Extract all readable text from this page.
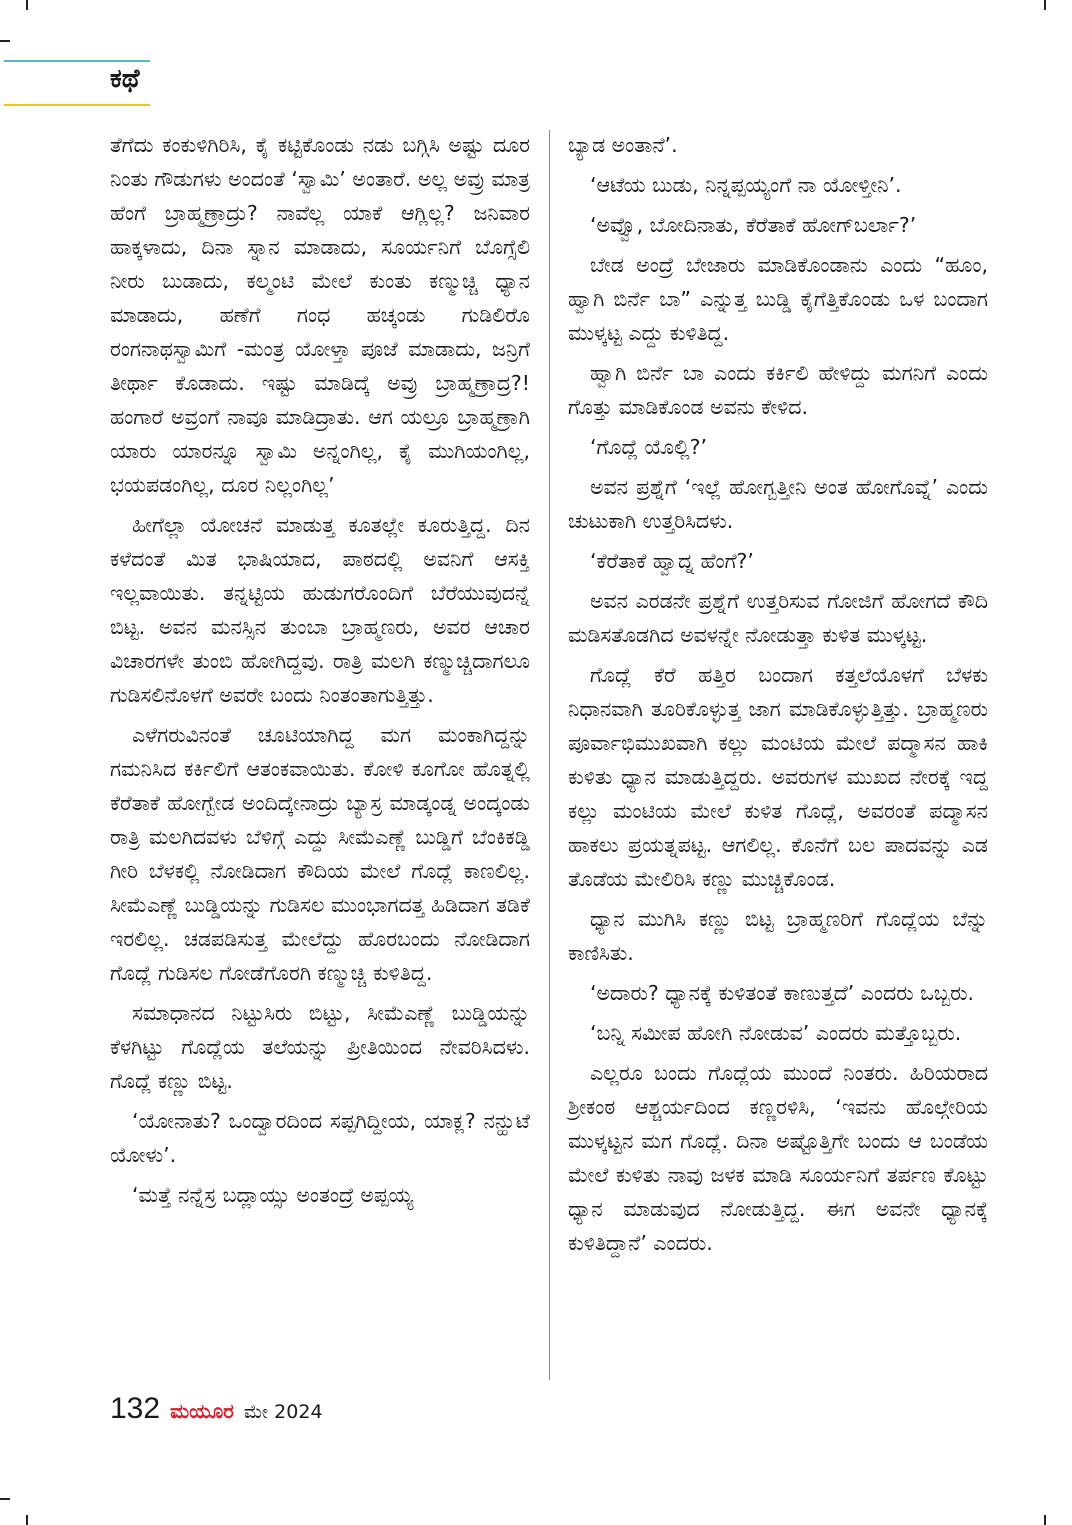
ಕಥೆ

ತೆಗೆದು ಕಂಕುಳಿಗಿರಿಸಿ, ಕೈ ಕಟ್ಟಿಕೊಂಡು ನಡು ಬಗ್ಗಿಸಿ ಅಷ್ಟು ದೂರ ನಿಂತು ಗೌಡುಗಳು ಅಂದಂತೆ ‘ಸ್ವಾಮಿ’ ಅಂತಾರೆ. ಅಲ್ಲ ಅವ್ರು ಮಾತ್ರ ಹೆಂಗೆ ಬ್ರಾಹ್ಮಣ್ರಾದ್ರು? ನಾವೆಲ್ಲ ಯಾಕೆ ಆಗ್ಲಿಲ್ಲ? ಜನಿವಾರ ಹಾಕ್ಕಳಾದು, ದಿನಾ ಸ್ನಾನ ಮಾಡಾದು, ಸೂರ್ಯನಿಗೆ ಬೊಗ್ಸೆಲಿ ನೀರು ಬುಡಾದು, ಕಲ್ಮಂಟಿ ಮೇಲೆ ಕುಂತು ಕಣ್ಮುಚ್ಚಿ ಧ್ಯಾನ ಮಾಡಾದು, ಹಣೆಗೆ ಗಂಧ ಹಚ್ಕಂಡು ಗುಡಿಲಿರೊ ರಂಗನಾಥಸ್ವಾಮಿಗೆ -ಮಂತ್ರ ಯೋಳ್ತಾ ಪೂಜೆ ಮಾಡಾದು, ಜನ್ರಿಗೆ ತೀರ್ಥಾ ಕೊಡಾದು. ಇಷ್ಟು ಮಾಡಿದ್ಕೆ ಅವ್ರು ಬ್ರಾಹ್ಮಣ್ರಾದ್ರ?! ಹಂಗಾರೆ ಅವ್ರಂಗೆ ನಾವೂ ಮಾಡಿದ್ರಾತು. ಆಗ ಯಲ್ರೂ ಬ್ರಾಹ್ಮಣ್ರಾಗಿ ಯಾರು ಯಾರನ್ನೂ ಸ್ವಾಮಿ ಅನ್ನಂಗಿಲ್ಲ, ಕೈ ಮುಗಿಯಂಗಿಲ್ಲ, ಭಯಪಡಂಗಿಲ್ಲ, ದೂರ ನಿಲ್ಲಂಗಿಲ್ಲ’

ಹೀಗೆಲ್ಲಾ ಯೋಚನೆ ಮಾಡುತ್ತ ಕೂತಲ್ಲೇ ಕೂರುತ್ತಿದ್ದ. ದಿನ ಕಳೆದಂತೆ ಮಿತ ಭಾಷಿಯಾದ, ಪಾಠದಲ್ಲಿ ಅವನಿಗೆ ಆಸಕ್ತಿ ಇಲ್ಲವಾಯಿತು. ತನ್ನಟ್ಟಿಯ ಹುಡುಗರೊಂದಿಗೆ ಬೆರೆಯುವುದನ್ನೆ ಬಿಟ್ಟ. ಅವನ ಮನಸ್ಸಿನ ತುಂಬಾ ಬ್ರಾಹ್ಮಣರು, ಅವರ ಆಚಾರ ವಿಚಾರಗಳೇ ತುಂಬಿ ಹೋಗಿದ್ದವು. ರಾತ್ರಿ ಮಲಗಿ ಕಣ್ಮುಚ್ಚಿದಾಗಲೂ ಗುಡಿಸಲಿನೊಳಗೆ ಅವರೇ ಬಂದು ನಿಂತಂತಾಗುತ್ತಿತ್ತು.

ಎಳೆಗರುವಿನಂತೆ ಚೂಟಿಯಾಗಿದ್ದ ಮಗ ಮಂಕಾಗಿದ್ದನ್ನು ಗಮನಿಸಿದ ಕರ್ಕಿಲಿಗೆ ಆತಂಕವಾಯಿತು. ಕೋಳಿ ಕೂಗೋ ಹೊತ್ನಲ್ಲಿ ಕೆರೆತಾಕೆ ಹೋಗ್ಬೇಡ ಅಂದಿದ್ಕೇನಾದ್ರು ಬ್ಯಾಸ್ರ ಮಾಡ್ಕಂಡ್ನ ಅಂದ್ಕಂಡು ರಾತ್ರಿ ಮಲಗಿದವಳು ಬೆಳಿಗ್ಗೆ ಎದ್ದು ಸೀಮೆಎಣ್ಣೆ ಬುಡ್ಡಿಗೆ ಬೆಂಕಿಕಡ್ಡಿ ಗೀರಿ ಬೆಳಕಲ್ಲಿ ನೋಡಿದಾಗ ಕೌದಿಯ ಮೇಲೆ ಗೊದ್ಲೆ ಕಾಣಲಿಲ್ಲ. ಸೀಮೆಎಣ್ಣೆ ಬುಡ್ಡಿಯನ್ನು ಗುಡಿಸಲ ಮುಂಭಾಗದತ್ತ ಹಿಡಿದಾಗ ತಡಿಕೆ ಇರಲಿಲ್ಲ. ಚಡಪಡಿಸುತ್ತ ಮೇಲೆದ್ದು ಹೊರಬಂದು ನೋಡಿದಾಗ ಗೊದ್ಲೆ ಗುಡಿಸಲ ಗೋಡೆಗೊರಗಿ ಕಣ್ಮುಚ್ಚಿ ಕುಳಿತಿದ್ದ.

ಸಮಾಧಾನದ ನಿಟ್ಟುಸಿರು ಬಿಟ್ಟು, ಸೀಮೆಎಣ್ಣೆ ಬುಡ್ಡಿಯನ್ನು ಕೆಳಗಿಟ್ಟು ಗೊದ್ಲೆಯ ತಲೆಯನ್ನು ಪ್ರೀತಿಯಿಂದ ನೇವರಿಸಿದಳು. ಗೊದ್ಲೆ ಕಣ್ಣು ಬಿಟ್ಟ.

‘ಯೋನಾತು? ಒಂದ್ವಾರದಿಂದ ಸಪ್ಪಗಿದ್ದೀಯ, ಯಾಕ್ಲ? ನನ್ಹುಟೆ ಯೋಳು’.

‘ಮತ್ತೆ ನನ್ನೆಸ್ರ ಬದ್ಲಾಯ್ಸು ಅಂತಂದ್ರೆ ಅಪ್ಪಯ್ಯ

ಬ್ಯಾಡ ಅಂತಾನೆ’.

‘ಆಟೆಯ ಬುಡು, ನಿನ್ನಪ್ಪಯ್ಯಂಗೆ ನಾ ಯೋಳ್ತೀನಿ’.

‘ಅವ್ವೊ, ಬೋದಿನಾತು, ಕೆರೆತಾಕೆ ಹೋಗ್‌ಬರ್ಲಾ?’

ಬೇಡ ಅಂದ್ರೆ ಬೇಜಾರು ಮಾಡಿಕೊಂಡಾನು ಎಂದು “ಹೂಂ, ಹ್ವಾಗಿ ಬಿರ್ನೆ ಬಾ” ಎನ್ನುತ್ತ ಬುಡ್ಡಿ ಕೈಗೆತ್ತಿಕೊಂಡು ಒಳ ಬಂದಾಗ ಮುಳ್ಕಟ್ಟ ಎದ್ದು ಕುಳಿತಿದ್ದ.

ಹ್ವಾಗಿ ಬಿರ್ನೆ ಬಾ ಎಂದು ಕರ್ಕಿಲಿ ಹೇಳಿದ್ದು ಮಗನಿಗೆ ಎಂದು ಗೊತ್ತು ಮಾಡಿಕೊಂಡ ಅವನು ಕೇಳಿದ.

‘ಗೊದ್ಲೆ ಯೊಲ್ಲಿ?’

ಅವನ ಪ್ರಶ್ನೆಗೆ ‘ಇಲ್ಲೆ ಹೋಗ್ಬತ್ತೀನಿ ಅಂತ ಹೋಗೊವ್ನೆ’ ಎಂದು ಚುಟುಕಾಗಿ ಉತ್ತರಿಸಿದಳು.

‘ಕೆರೆತಾಕೆ ಹ್ವಾದ್ನ ಹೆಂಗೆ?’

ಅವನ ಎರಡನೇ ಪ್ರಶ್ನೆಗೆ ಉತ್ತರಿಸುವ ಗೋಜಿಗೆ ಹೋಗದೆ ಕೌದಿ ಮಡಿಸತೊಡಗಿದ ಅವಳನ್ನೇ ನೋಡುತ್ತಾ ಕುಳಿತ ಮುಳ್ಕಟ್ಟ.

ಗೊದ್ಲೆ ಕೆರೆ ಹತ್ತಿರ ಬಂದಾಗ ಕತ್ತಲೆಯೊಳಗೆ ಬೆಳಕು ನಿಧಾನವಾಗಿ ತೂರಿಕೊಳ್ಳುತ್ತ ಜಾಗ ಮಾಡಿಕೊಳ್ಳುತ್ತಿತ್ತು. ಬ್ರಾಹ್ಮಣರು ಪೂರ್ವಾಭಿಮುಖವಾಗಿ ಕಲ್ಲು ಮಂಟಿಯ ಮೇಲೆ ಪದ್ಮಾಸನ ಹಾಕಿ ಕುಳಿತು ಧ್ಯಾನ ಮಾಡುತ್ತಿದ್ದರು. ಅವರುಗಳ ಮುಖದ ನೇರಕ್ಕೆ ಇದ್ದ ಕಲ್ಲು ಮಂಟಿಯ ಮೇಲೆ ಕುಳಿತ ಗೊದ್ಲೆ, ಅವರಂತೆ ಪದ್ಮಾಸನ ಹಾಕಲು ಪ್ರಯತ್ನಪಟ್ಟ. ಆಗಲಿಲ್ಲ. ಕೊನೆಗೆ ಬಲ ಪಾದವನ್ನು ಎಡ ತೊಡೆಯ ಮೇಲಿರಿಸಿ ಕಣ್ಣು ಮುಚ್ಚಿಕೊಂಡ.

ಧ್ಯಾನ ಮುಗಿಸಿ ಕಣ್ಣು ಬಿಟ್ಟ ಬ್ರಾಹ್ಮಣರಿಗೆ ಗೊದ್ಲೆಯ ಬೆನ್ನು ಕಾಣಿಸಿತು.

‘ಅದಾರು? ಧ್ಯಾನಕ್ಕೆ ಕುಳಿತಂತೆ ಕಾಣುತ್ತದೆ’ ಎಂದರು ಒಬ್ಬರು.

‘ಬನ್ನಿ ಸಮೀಪ ಹೋಗಿ ನೋಡುವ’ ಎಂದರು ಮತ್ತೊಬ್ಬರು.

ಎಲ್ಲರೂ ಬಂದು ಗೊದ್ಲೆಯ ಮುಂದೆ ನಿಂತರು. ಹಿರಿಯರಾದ ಶ್ರೀಕಂಠ ಆಶ್ಚರ್ಯದಿಂದ ಕಣ್ಣರಳಿಸಿ, ‘ಇವನು ಹೊಲ್ಗೇರಿಯ ಮುಳ್ಕಟ್ಟನ ಮಗ ಗೊದ್ಲೆ. ದಿನಾ ಅಷ್ಟೊತ್ತಿಗೇ ಬಂದು ಆ ಬಂಡೆಯ ಮೇಲೆ ಕುಳಿತು ನಾವು ಜಳಕ ಮಾಡಿ ಸೂರ್ಯನಿಗೆ ತರ್ಪಣ ಕೊಟ್ಟು ಧ್ಯಾನ ಮಾಡುವುದ ನೋಡುತ್ತಿದ್ದ. ಈಗ ಅವನೇ ಧ್ಯಾನಕ್ಕೆ ಕುಳಿತಿದ್ದಾನೆ’ ಎಂದರು.

132 ಮಯೂರ ಮೇ 2024
